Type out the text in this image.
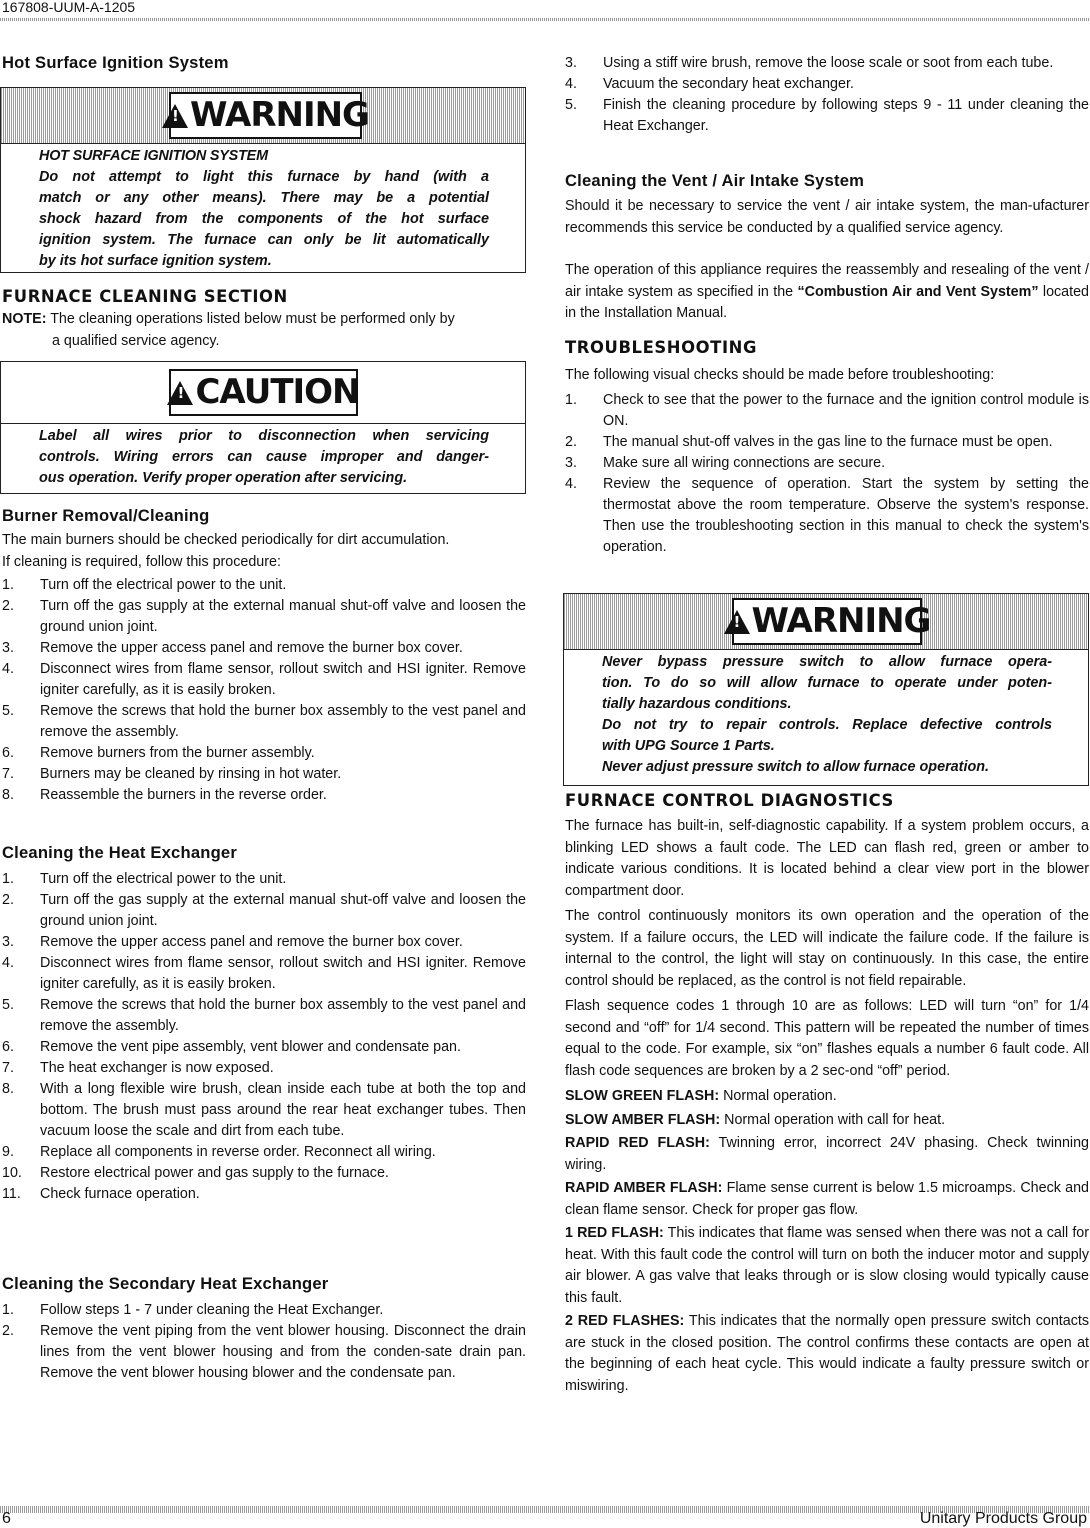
167808-UUM-A-1205
Hot Surface Ignition System
!
WARNING
HOT SURFACE IGNITION SYSTEM
Do not attempt to light this furnace by hand (with a
match or any other means). There may be a potential
shock hazard from the components of the hot surface
ignition system. The furnace can only be lit automatically
by its hot surface ignition system.
FURNACE CLEANING SECTION
NOTE: The cleaning operations listed below must be performed only by
a qualified service agency.
!
CAUTION
Label all wires prior to disconnection when servicing
controls. Wiring errors can cause improper and danger-
ous operation. Verify proper operation after servicing.
Burner Removal/Cleaning
The main burners should be checked periodically for dirt accumulation.
If cleaning is required, follow this procedure:
1. Turn off the electrical power to the unit.
2. Turn off the gas supply at the external manual shut-off valve and loosen the ground union joint.
3. Remove the upper access panel and remove the burner box cover.
4. Disconnect wires from flame sensor, rollout switch and HSI igniter. Remove igniter carefully, as it is easily broken.
5. Remove the screws that hold the burner box assembly to the vest panel and remove the assembly.
6. Remove burners from the burner assembly.
7. Burners may be cleaned by rinsing in hot water.
8. Reassemble the burners in the reverse order.
Cleaning the Heat Exchanger
1. Turn off the electrical power to the unit.
2. Turn off the gas supply at the external manual shut-off valve and loosen the ground union joint.
3. Remove the upper access panel and remove the burner box cover.
4. Disconnect wires from flame sensor, rollout switch and HSI igniter. Remove igniter carefully, as it is easily broken.
5. Remove the screws that hold the burner box assembly to the vest panel and remove the assembly.
6. Remove the vent pipe assembly, vent blower and condensate pan.
7. The heat exchanger is now exposed.
8. With a long flexible wire brush, clean inside each tube at both the top and bottom. The brush must pass around the rear heat exchanger tubes. Then vacuum loose the scale and dirt from each tube.
9. Replace all components in reverse order. Reconnect all wiring.
10. Restore electrical power and gas supply to the furnace.
11. Check furnace operation.
Cleaning the Secondary Heat Exchanger
1. Follow steps 1 - 7 under cleaning the Heat Exchanger.
2. Remove the vent piping from the vent blower housing. Disconnect the drain lines from the vent blower housing and from the conden-sate drain pan. Remove the vent blower housing blower and the condensate pan.
3. Using a stiff wire brush, remove the loose scale or soot from each tube.
4. Vacuum the secondary heat exchanger.
5. Finish the cleaning procedure by following steps 9 - 11 under cleaning the Heat Exchanger.
Cleaning the Vent / Air Intake System
Should it be necessary to service the vent / air intake system, the man-ufacturer recommends this service be conducted by a qualified service agency.
The operation of this appliance requires the reassembly and resealing of the vent / air intake system as specified in the “Combustion Air and Vent System” located in the Installation Manual.
TROUBLESHOOTING
The following visual checks should be made before troubleshooting:
1. Check to see that the power to the furnace and the ignition control module is ON.
2. The manual shut-off valves in the gas line to the furnace must be open.
3. Make sure all wiring connections are secure.
4. Review the sequence of operation. Start the system by setting the thermostat above the room temperature. Observe the system's response. Then use the troubleshooting section in this manual to check the system's operation.
!
WARNING
Never bypass pressure switch to allow furnace opera-
tion. To do so will allow furnace to operate under poten-
tially hazardous conditions.
Do not try to repair controls. Replace defective controls
with UPG Source 1 Parts.
Never adjust pressure switch to allow furnace operation.
FURNACE CONTROL DIAGNOSTICS

The furnace has built-in, self-diagnostic capability. If a system problem occurs, a blinking LED shows a fault code. The LED can flash red, green or amber to indicate various conditions. It is located behind a clear view port in the blower compartment door.

The control continuously monitors its own operation and the operation of the system. If a failure occurs, the LED will indicate the failure code. If the failure is internal to the control, the light will stay on continuously. In this case, the entire control should be replaced, as the control is not field repairable.

Flash sequence codes 1 through 10 are as follows: LED will turn “on” for 1/4 second and “off” for 1/4 second. This pattern will be repeated the number of times equal to the code. For example, six “on” flashes equals a number 6 fault code. All flash code sequences are broken by a 2 sec-ond “off” period.

SLOW GREEN FLASH: Normal operation.

SLOW AMBER FLASH: Normal operation with call for heat.

RAPID RED FLASH: Twinning error, incorrect 24V phasing. Check twinning wiring.

RAPID AMBER FLASH: Flame sense current is below 1.5 microamps. Check and clean flame sensor. Check for proper gas flow.

1 RED FLASH: This indicates that flame was sensed when there was not a call for heat. With this fault code the control will turn on both the inducer motor and supply air blower. A gas valve that leaks through or is slow closing would typically cause this fault.

2 RED FLASHES: This indicates that the normally open pressure switch contacts are stuck in the closed position. The control confirms these contacts are open at the beginning of each heat cycle. This would indicate a faulty pressure switch or miswiring.

6	Unitary Products Group
